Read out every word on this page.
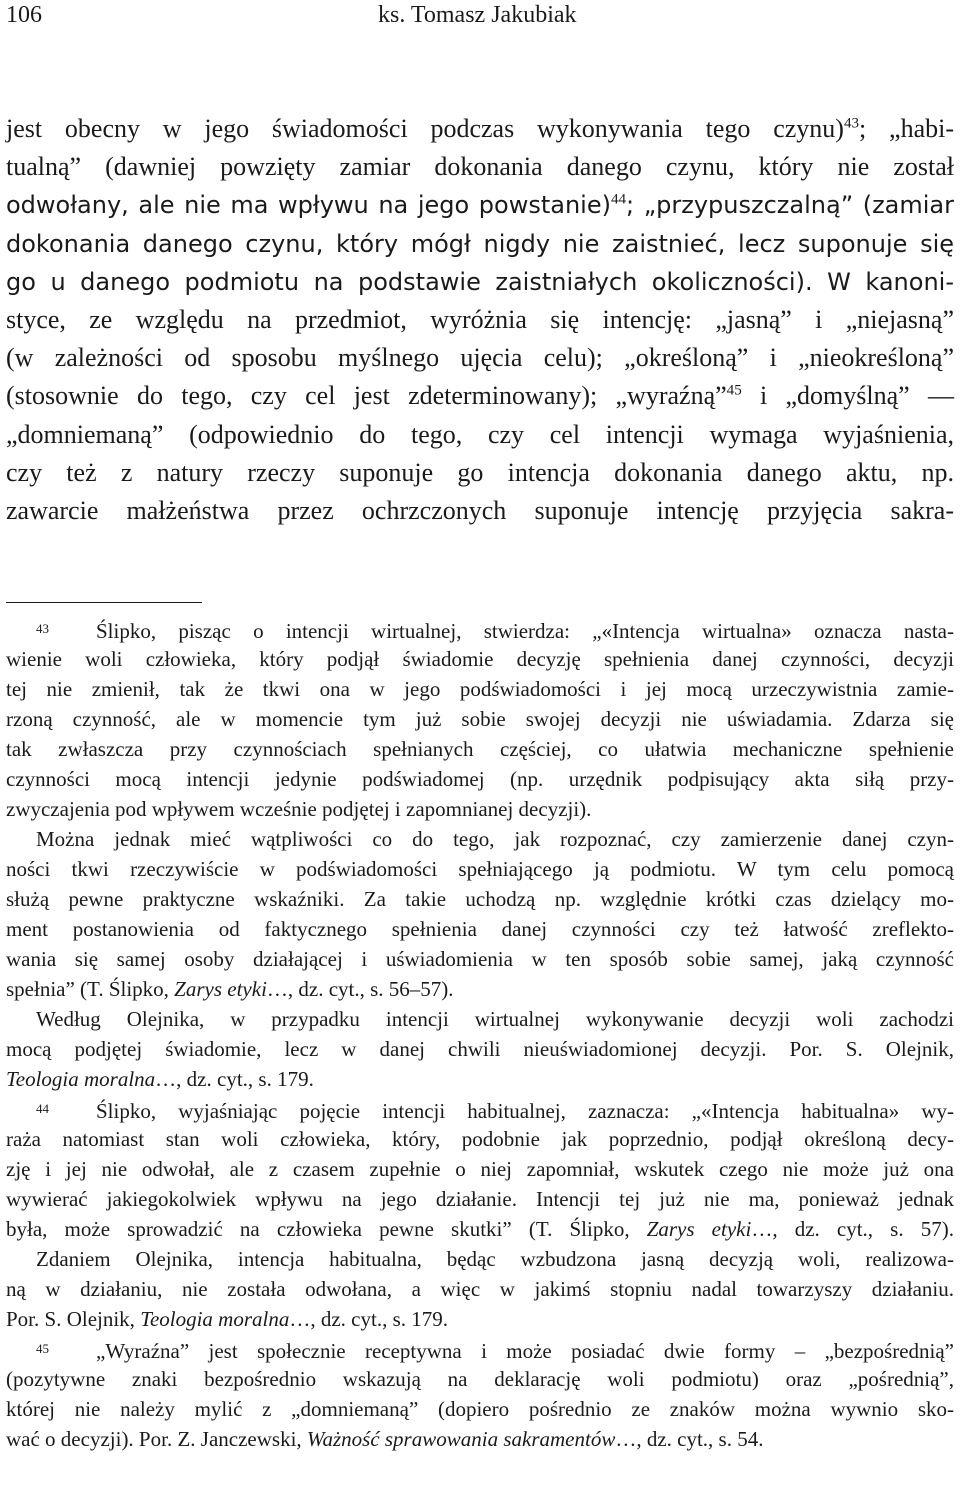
106	ks. Tomasz Jakubiak
jest obecny w jego świadomości podczas wykonywania tego czynu)$^{43}$; „habi-
tualną” (dawniej powzięty zamiar dokonania danego czynu, który nie został
odwołany, ale nie ma wpływu na jego powstanie)$^{44}$; „przypuszczalną” (zamiar
dokonania danego czynu, który mógł nigdy nie zaistnieć, lecz suponuje się
go u danego podmiotu na podstawie zaistniałych okoliczności). W kanoni-
styce, ze względu na przedmiot, wyróżnia się intencję: „jasną” i „niejasną”
(w zależności od sposobu myślnego ujęcia celu); „określoną” i „nieokreśloną”
(stosownie do tego, czy cel jest zdeterminowany); „wyraźną”$^{45}$ i „domyślną” —
„domniemaną” (odpowiednio do tego, czy cel intencji wymaga wyjaśnienia,
czy też z natury rzeczy suponuje go intencja dokonania danego aktu, np.
zawarcie małżeństwa przez ochrzczonych suponuje intencję przyjęcia sakra-
43 Ślipko, pisząc o intencji wirtualnej, stwierdza: „«Intencja wirtualna» oznacza nasta-
wienie woli człowieka, który podjął świadomie decyzję spełnienia danej czynności, decyzji
tej nie zmienił, tak że tkwi ona w jego podświadomości i jej mocą urzeczywistnia zamie-
rzoną czynność, ale w momencie tym już sobie swojej decyzji nie uświadamia. Zdarza się
tak zwłaszcza przy czynnościach spełnianych częściej, co ułatwia mechaniczne spełnienie
czynności mocą intencji jedynie podświadomej (np. urzędnik podpisujący akta siłą przy-
zwyczajenia pod wpływem wcześnie podjętej i zapomnianej decyzji).
Można jednak mieć wątpliwości co do tego, jak rozpoznać, czy zamierzenie danej czyn-
ności tkwi rzeczywiście w podświadomości spełniającego ją podmiotu. W tym celu pomocą
służą pewne praktyczne wskaźniki. Za takie uchodzą np. względnie krótki czas dzielący mo-
ment postanowienia od faktycznego spełnienia danej czynności czy też łatwość zreflekto-
wania się samej osoby działającej i uświadomienia w ten sposób sobie samej, jaką czynność
spełnia” (T. Ślipko, Zarys etyki…, dz. cyt., s. 56–57).
Według Olejnika, w przypadku intencji wirtualnej wykonywanie decyzji woli zachodzi
mocą podjętej świadomie, lecz w danej chwili nieuświadomionej decyzji. Por. S. Olejnik,
Teologia moralna…, dz. cyt., s. 179.
44 Ślipko, wyjaśniając pojęcie intencji habitualnej, zaznacza: „«Intencja habitualna» wy-
raża natomiast stan woli człowieka, który, podobnie jak poprzednio, podjął określoną decy-
zję i jej nie odwołał, ale z czasem zupełnie o niej zapomniał, wskutek czego nie może już ona
wywierać jakiegokolwiek wpływu na jego działanie. Intencji tej już nie ma, ponieważ jednak
była, może sprowadzić na człowieka pewne skutki” (T. Ślipko, Zarys etyki…, dz. cyt., s. 57).
Zdaniem Olejnika, intencja habitualna, będąc wzbudzona jasną decyzją woli, realizowa-
ną w działaniu, nie została odwołana, a więc w jakimś stopniu nadal towarzyszy działaniu.
Por. S. Olejnik, Teologia moralna…, dz. cyt., s. 179.
45 „Wyraźna” jest społecznie receptywna i może posiadać dwie formy – „bezpośrednią”
(pozytywne znaki bezpośrednio wskazują na deklarację woli podmiotu) oraz „pośrednią”,
której nie należy mylić z „domniemaną” (dopiero pośrednio ze znaków można wywnio sko-
wać o decyzji). Por. Z. Janczewski, Ważność sprawowania sakramentów…, dz. cyt., s. 54.
